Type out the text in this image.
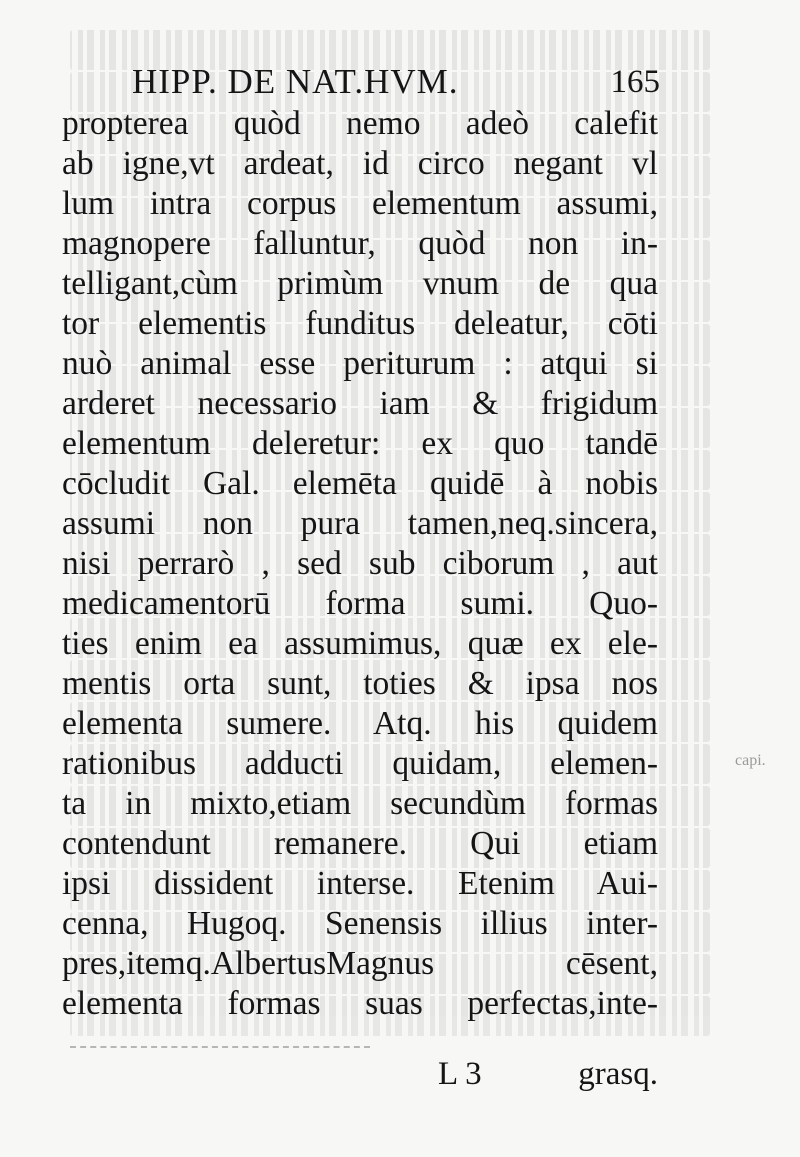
HIPP. DE NAT.HVM.	165
propterea quòd nemo adeò calefit
ab igne,vt ardeat, id circo negant vl
lum intra corpus elementum assumi,
magnopere falluntur, quòd non in-
telligant,cùm primùm vnum de qua
tor elementis funditus deleatur, cōti
nuò animal esse periturum : atqui si
arderet necessario iam & frigidum
elementum deleretur: ex quo tandē
cōcludit Gal. elemēta quidē à nobis
assumi non pura tamen,neq.sincera,
nisi perrarò , sed sub ciborum , aut
medicamentorū forma sumi. Quo-
ties enim ea assumimus, quæ ex ele-
mentis orta sunt, toties & ipsa nos
elementa sumere. Atq. his quidem
rationibus adducti quidam, elemen-
ta in mixto,etiam secundùm formas
contendunt remanere. Qui etiam
ipsi dissident interse. Etenim Aui-
cenna, Hugoq. Senensis illius inter-
pres,itemq.AlbertusMagnus cēsent,
elementa formas suas perfectas,inte-
L 3	grasq.
capi.
